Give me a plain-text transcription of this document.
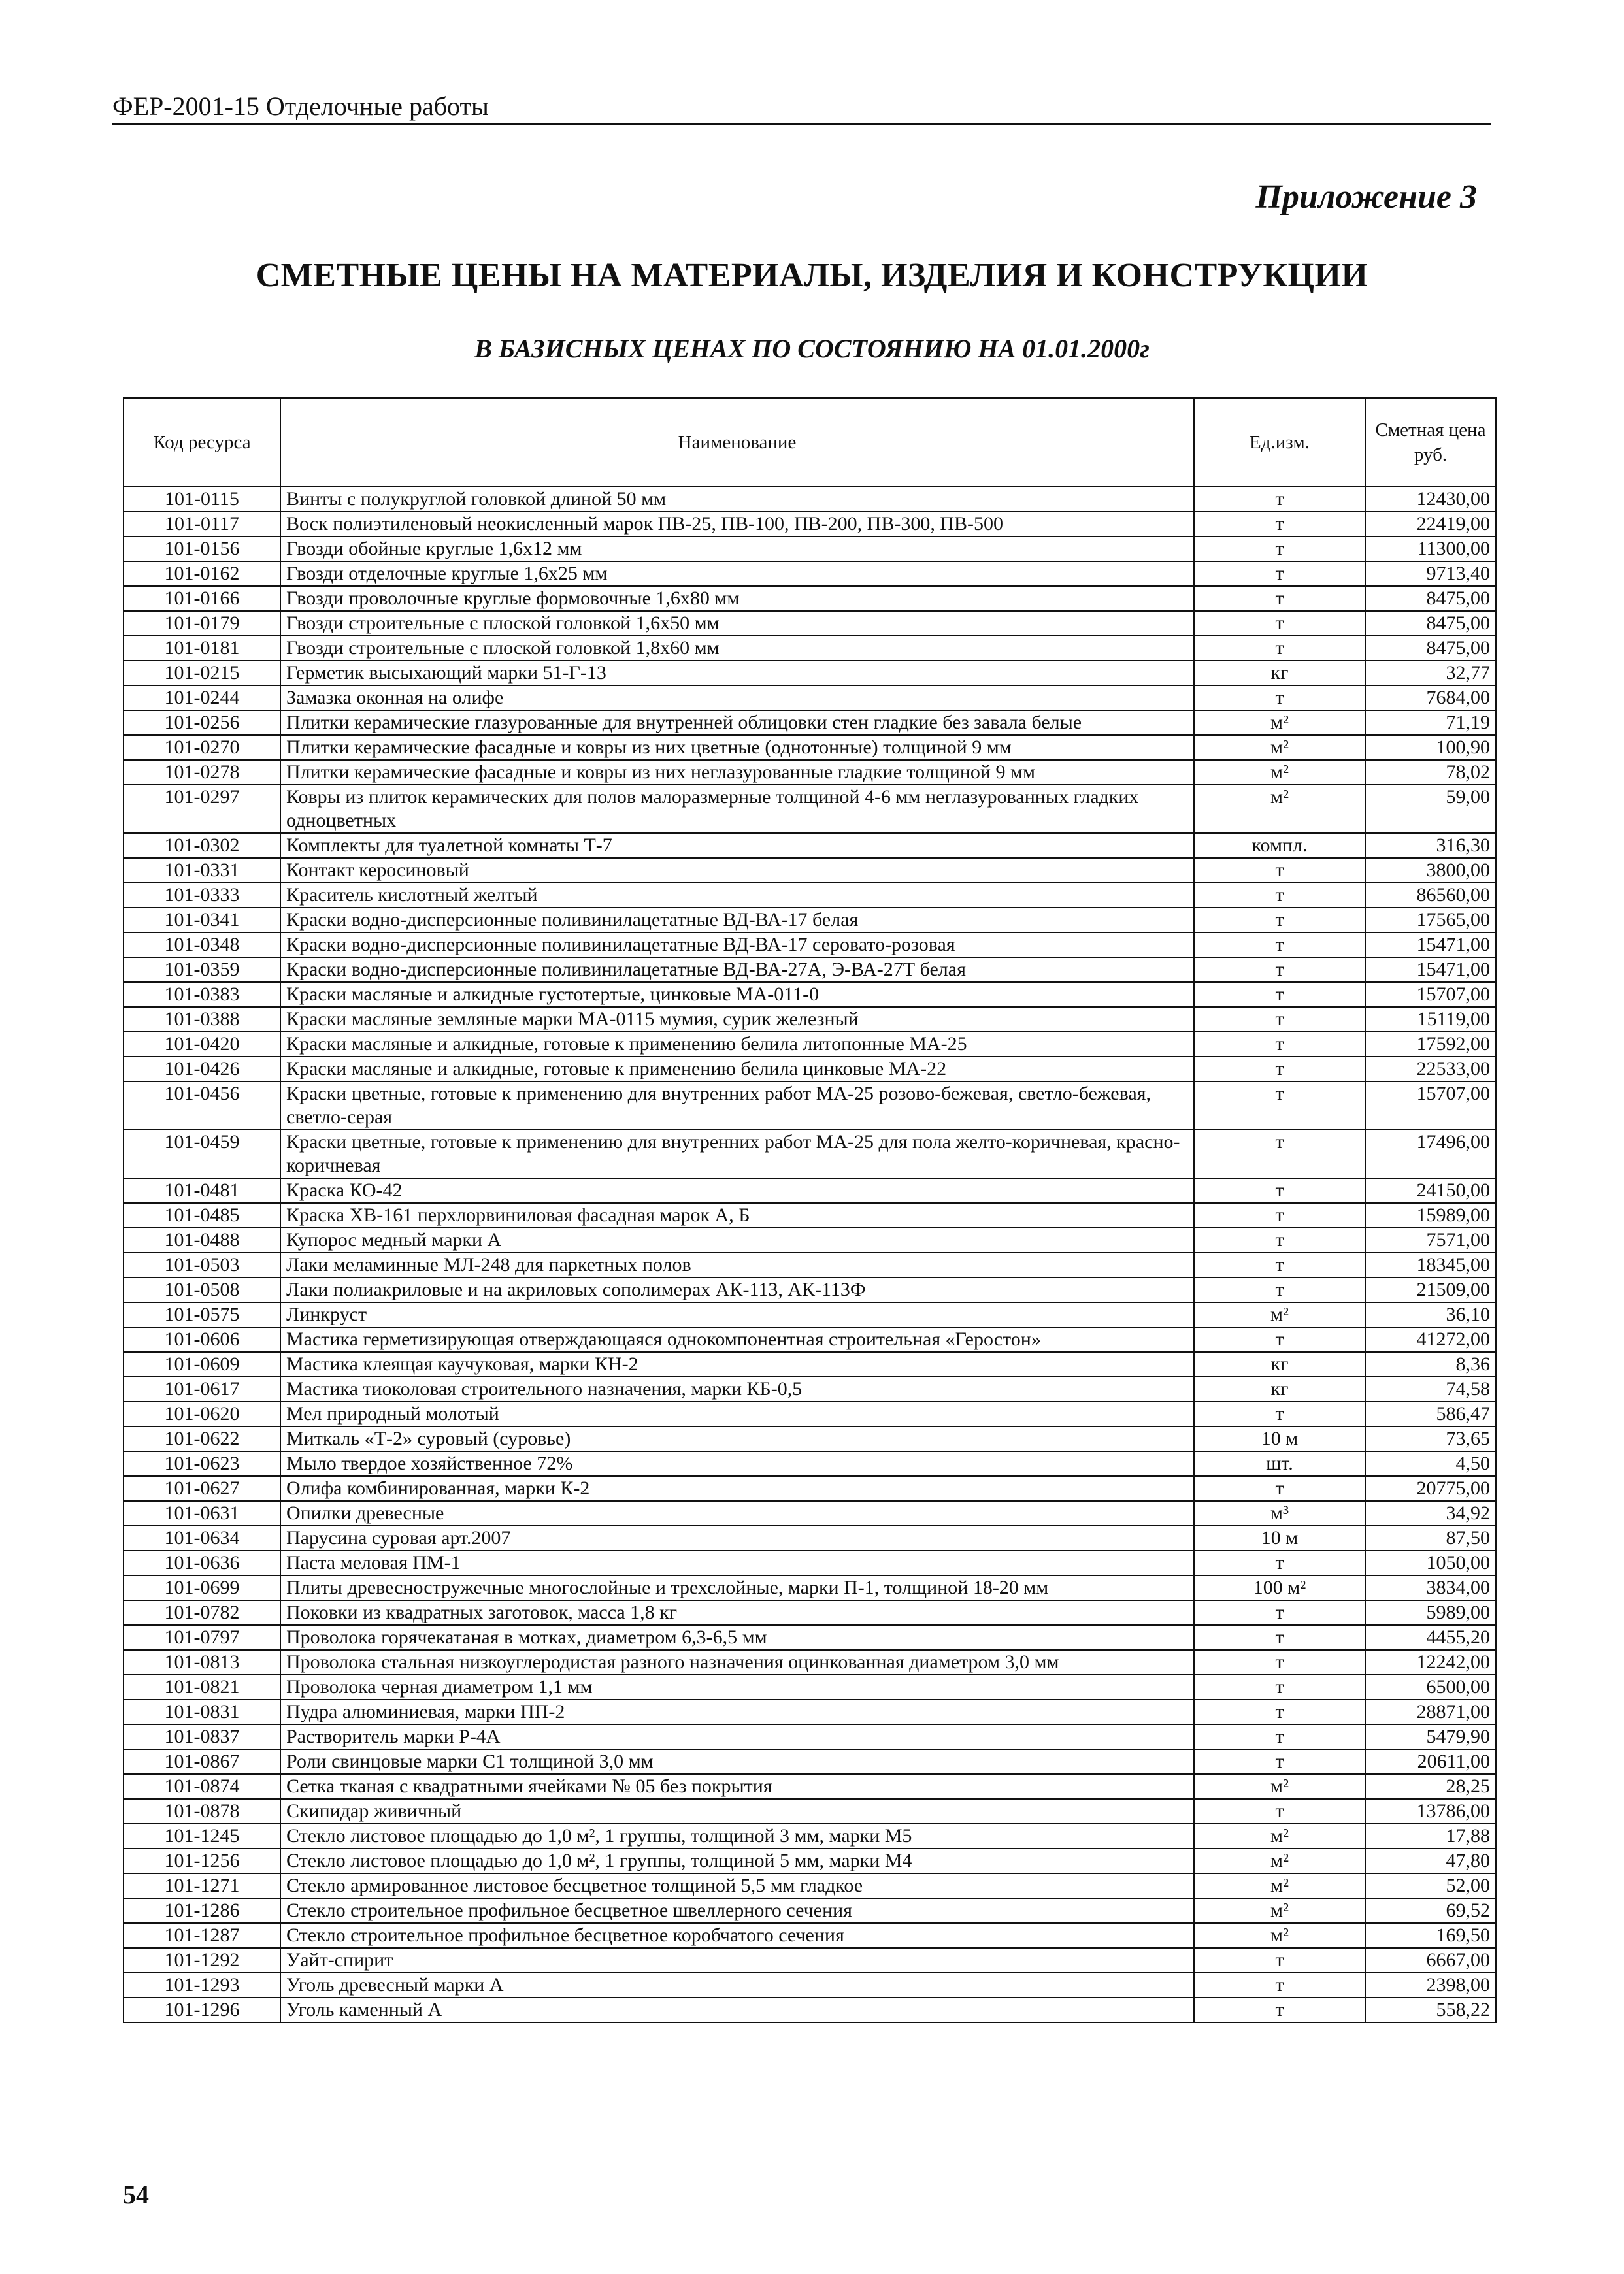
ФЕР-2001-15 Отделочные работы
Приложение 3
СМЕТНЫЕ ЦЕНЫ НА МАТЕРИАЛЫ, ИЗДЕЛИЯ И КОНСТРУКЦИИ
В БАЗИСНЫХ ЦЕНАХ ПО СОСТОЯНИЮ НА 01.01.2000г
Код ресурса	Наименование	Ед.изм.	Сметная цена руб.
101-0115	Винты с полукруглой головкой длиной 50 мм	т	12430,00
101-0117	Воск полиэтиленовый неокисленный марок ПВ-25, ПВ-100, ПВ-200, ПВ-300, ПВ-500	т	22419,00
101-0156	Гвозди обойные круглые 1,6х12 мм	т	11300,00
101-0162	Гвозди отделочные круглые 1,6х25 мм	т	9713,40
101-0166	Гвозди проволочные круглые формовочные 1,6х80 мм	т	8475,00
101-0179	Гвозди строительные с плоской головкой 1,6х50 мм	т	8475,00
101-0181	Гвозди строительные с плоской головкой 1,8х60 мм	т	8475,00
101-0215	Герметик высыхающий марки 51-Г-13	кг	32,77
101-0244	Замазка оконная на олифе	т	7684,00
101-0256	Плитки керамические глазурованные для внутренней облицовки стен гладкие без завала белые	м²	71,19
101-0270	Плитки керамические фасадные и ковры из них цветные (однотонные) толщиной 9 мм	м²	100,90
101-0278	Плитки керамические фасадные и ковры из них неглазурованные гладкие толщиной 9 мм	м²	78,02
101-0297	Ковры из плиток керамических для полов малоразмерные толщиной 4-6 мм неглазурованных гладких одноцветных	м²	59,00
101-0302	Комплекты для туалетной комнаты Т-7	компл.	316,30
101-0331	Контакт керосиновый	т	3800,00
101-0333	Краситель кислотный желтый	т	86560,00
101-0341	Краски водно-дисперсионные поливинилацетатные ВД-ВА-17 белая	т	17565,00
101-0348	Краски водно-дисперсионные поливинилацетатные ВД-ВА-17 серовато-розовая	т	15471,00
101-0359	Краски водно-дисперсионные поливинилацетатные ВД-ВА-27А, Э-ВА-27Т белая	т	15471,00
101-0383	Краски масляные и алкидные густотертые, цинковые МА-011-0	т	15707,00
101-0388	Краски масляные земляные марки МА-0115 мумия, сурик железный	т	15119,00
101-0420	Краски масляные и алкидные, готовые к применению белила литопонные МА-25	т	17592,00
101-0426	Краски масляные и алкидные, готовые к применению белила цинковые МА-22	т	22533,00
101-0456	Краски цветные, готовые к применению для внутренних работ МА-25 розово-бежевая, светло-бежевая, светло-серая	т	15707,00
101-0459	Краски цветные, готовые к применению для внутренних работ МА-25 для пола желто-коричневая, красно-коричневая	т	17496,00
101-0481	Краска КО-42	т	24150,00
101-0485	Краска ХВ-161 перхлорвиниловая фасадная марок А, Б	т	15989,00
101-0488	Купорос медный марки А	т	7571,00
101-0503	Лаки меламинные МЛ-248 для паркетных полов	т	18345,00
101-0508	Лаки полиакриловые и на акриловых сополимерах АК-113, АК-113Ф	т	21509,00
101-0575	Линкруст	м²	36,10
101-0606	Мастика герметизирующая отверждающаяся однокомпонентная строительная «Геростон»	т	41272,00
101-0609	Мастика клеящая каучуковая, марки КН-2	кг	8,36
101-0617	Мастика тиоколовая строительного назначения, марки КБ-0,5	кг	74,58
101-0620	Мел природный молотый	т	586,47
101-0622	Миткаль «Т-2» суровый (суровье)	10 м	73,65
101-0623	Мыло твердое хозяйственное 72%	шт.	4,50
101-0627	Олифа комбинированная, марки К-2	т	20775,00
101-0631	Опилки древесные	м³	34,92
101-0634	Парусина суровая арт.2007	10 м	87,50
101-0636	Паста меловая ПМ-1	т	1050,00
101-0699	Плиты древесностружечные многослойные и трехслойные, марки П-1, толщиной 18-20 мм	100 м²	3834,00
101-0782	Поковки из квадратных заготовок, масса 1,8 кг	т	5989,00
101-0797	Проволока горячекатаная в мотках, диаметром 6,3-6,5 мм	т	4455,20
101-0813	Проволока стальная низкоуглеродистая разного назначения оцинкованная диаметром 3,0 мм	т	12242,00
101-0821	Проволока черная диаметром 1,1 мм	т	6500,00
101-0831	Пудра алюминиевая, марки ПП-2	т	28871,00
101-0837	Растворитель марки Р-4А	т	5479,90
101-0867	Роли свинцовые марки С1 толщиной 3,0 мм	т	20611,00
101-0874	Сетка тканая с квадратными ячейками № 05 без покрытия	м²	28,25
101-0878	Скипидар живичный	т	13786,00
101-1245	Стекло листовое площадью до 1,0 м², 1 группы, толщиной 3 мм, марки М5	м²	17,88
101-1256	Стекло листовое площадью до 1,0 м², 1 группы, толщиной 5 мм, марки М4	м²	47,80
101-1271	Стекло армированное листовое бесцветное толщиной 5,5 мм гладкое	м²	52,00
101-1286	Стекло строительное профильное бесцветное швеллерного сечения	м²	69,52
101-1287	Стекло строительное профильное бесцветное коробчатого сечения	м²	169,50
101-1292	Уайт-спирит	т	6667,00
101-1293	Уголь древесный марки А	т	2398,00
101-1296	Уголь каменный А	т	558,22
54
